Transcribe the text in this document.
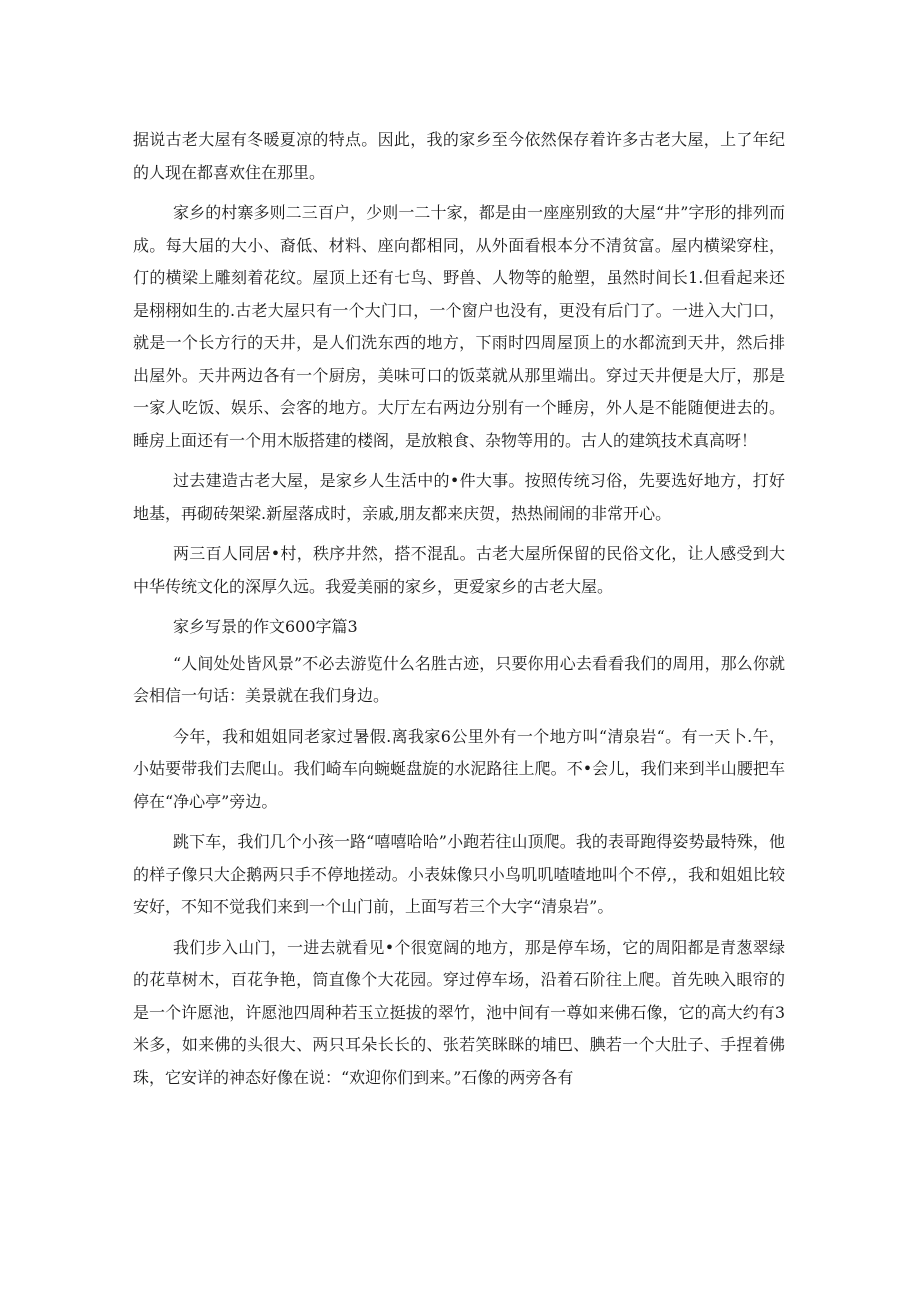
据说古老大屋有冬暖夏凉的特点。因此，我的家乡至今依然保存着许多古老大屋，上了年纪的人现在都喜欢住在那里。

家乡的村寨多则二三百户，少则一二十家，都是由一座座别致的大屋“井”字形的排列而成。每大届的大小、裔低、材料、座向都相同，从外面看根本分不清贫富。屋内横梁穿柱，仃的横梁上雕刻着花纹。屋顶上还有七鸟、野兽、人物等的舱塑，虽然时间长1.但看起来还是栩栩如生的.古老大屋只有一个大门口，一个窗户也没有，更没有后门了。一进入大门口，就是一个长方行的天井，是人们洗东西的地方，下雨时四周屋顶上的水都流到天井，然后排出屋外。天井两边各有一个厨房，美味可口的饭菜就从那里端出。穿过天井便是大厅，那是一家人吃饭、娱乐、会客的地方。大厅左右两边分别有一个睡房，外人是不能随便进去的。睡房上面还有一个用木版搭建的楼阁，是放粮食、杂物等用的。古人的建筑技术真高呀！

过去建造古老大屋，是家乡人生活中的•件大事。按照传统习俗，先要选好地方，打好地基，再砌砖架梁.新屋落成时，亲戚,朋友都来庆贺，热热闹闹的非常开心。

两三百人同居•村，秩序井然，搭不混乱。古老大屋所保留的民俗文化，让人感受到大中华传统文化的深厚久远。我爱美丽的家乡，更爱家乡的古老大屋。

家乡写景的作文600字篇3

“人间处处皆风景”不必去游览什么名胜古迹，只要你用心去看看我们的周用，那么你就会相信一句话：美景就在我们身边。

今年，我和姐姐同老家过暑假.离我家6公里外有一个地方叫“清泉岩“。有一天卜.午，小姑要带我们去爬山。我们崎车向蜿蜒盘旋的水泥路往上爬。不•会儿，我们来到半山腰把车停在“净心亭”旁边。

跳下车，我们几个小孩一路“嘻嘻哈哈”小跑若往山顶爬。我的表哥跑得姿势最特殊，他的样子像只大企鹅两只手不停地搓动。小表妹像只小鸟叽叽喳喳地叫个不停,，我和姐姐比较安好，不知不觉我们来到一个山门前，上面写若三个大字“清泉岩”。

我们步入山门，一进去就看见•个很宽阔的地方，那是停车场，它的周阳都是青葱翠绿的花草树木，百花争艳，筒直像个大花园。穿过停车场，沿着石阶往上爬。首先映入眼帘的是一个许愿池，许愿池四周种若玉立挺拔的翠竹，池中间有一尊如来佛石像，它的高大约有3米多，如来佛的头很大、两只耳朵长长的、张若笑眯眯的埔巴、腆若一个大肚子、手捏着佛珠，它安详的神态好像在说：“欢迎你们到来。”石像的两旁各有
